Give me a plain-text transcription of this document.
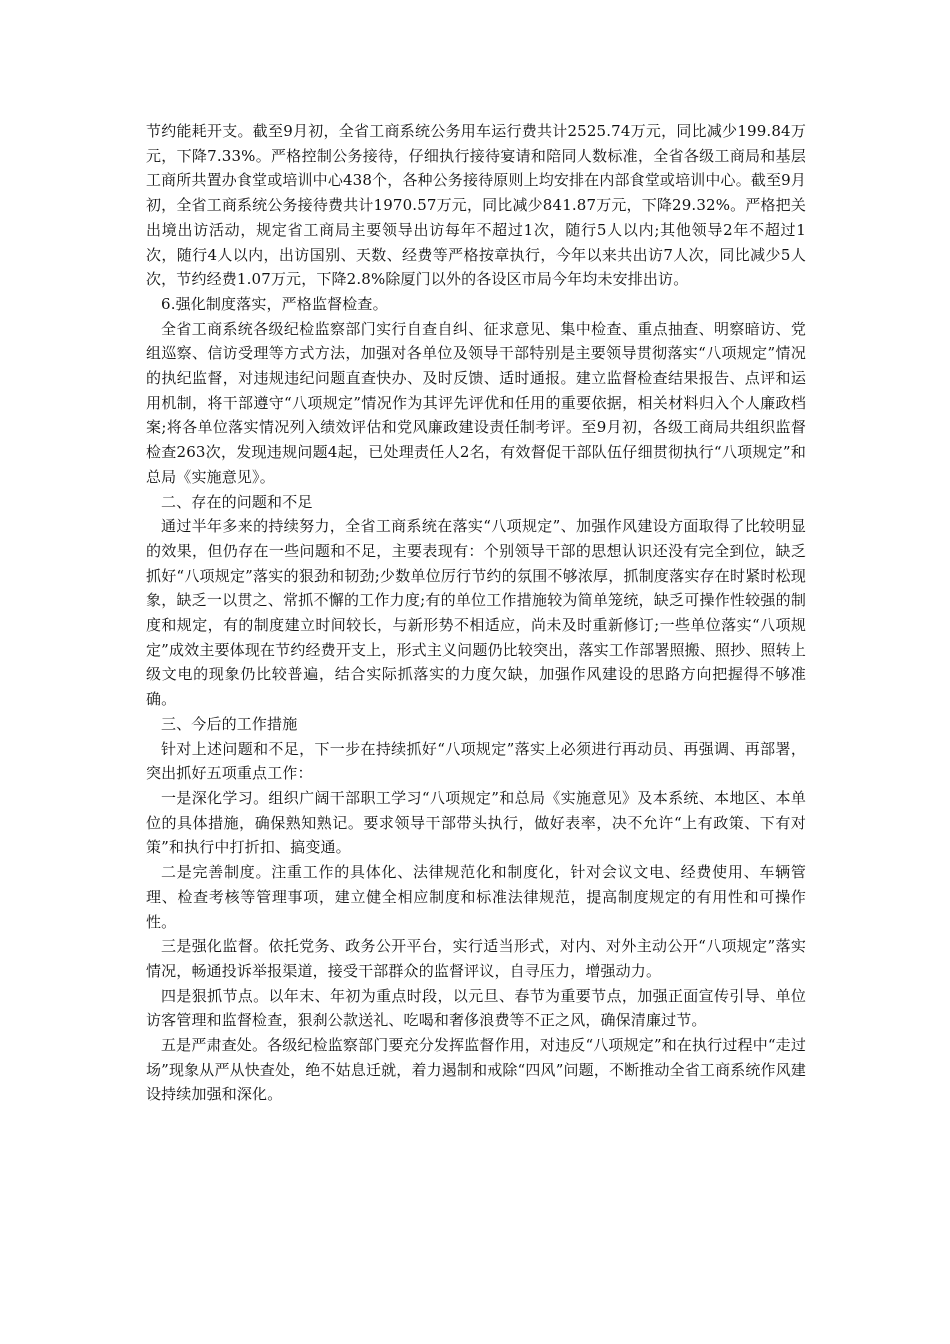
节约能耗开支。截至9月初，全省工商系统公务用车运行费共计2525.74万元，同比减少199.84万元，下降7.33%。严格控制公务接待，仔细执行接待宴请和陪同人数标准，全省各级工商局和基层工商所共置办食堂或培训中心438个，各种公务接待原则上均安排在内部食堂或培训中心。截至9月初，全省工商系统公务接待费共计1970.57万元，同比减少841.87万元，下降29.32%。严格把关出境出访活动，规定省工商局主要领导出访每年不超过1次，随行5人以内;其他领导2年不超过1次，随行4人以内，出访国别、天数、经费等严格按章执行，今年以来共出访7人次，同比减少5人次，节约经费1.07万元，下降2.8%除厦门以外的各设区市局今年均未安排出访。

6.强化制度落实，严格监督检查。

全省工商系统各级纪检监察部门实行自查自纠、征求意见、集中检查、重点抽查、明察暗访、党组巡察、信访受理等方式方法，加强对各单位及领导干部特别是主要领导贯彻落实“八项规定”情况的执纪监督，对违规违纪问题直查快办、及时反馈、适时通报。建立监督检查结果报告、点评和运用机制，将干部遵守“八项规定”情况作为其评先评优和任用的重要依据，相关材料归入个人廉政档案;将各单位落实情况列入绩效评估和党风廉政建设责任制考评。至9月初，各级工商局共组织监督检查263次，发现违规问题4起，已处理责任人2名，有效督促干部队伍仔细贯彻执行“八项规定”和总局《实施意见》。

二、存在的问题和不足

通过半年多来的持续努力，全省工商系统在落实“八项规定”、加强作风建设方面取得了比较明显的效果，但仍存在一些问题和不足，主要表现有：个别领导干部的思想认识还没有完全到位，缺乏抓好“八项规定”落实的狠劲和韧劲;少数单位厉行节约的氛围不够浓厚，抓制度落实存在时紧时松现象，缺乏一以贯之、常抓不懈的工作力度;有的单位工作措施较为简单笼统，缺乏可操作性较强的制度和规定，有的制度建立时间较长，与新形势不相适应，尚未及时重新修订;一些单位落实“八项规定”成效主要体现在节约经费开支上，形式主义问题仍比较突出，落实工作部署照搬、照抄、照转上级文电的现象仍比较普遍，结合实际抓落实的力度欠缺，加强作风建设的思路方向把握得不够准确。

三、今后的工作措施

针对上述问题和不足，下一步在持续抓好“八项规定”落实上必须进行再动员、再强调、再部署，突出抓好五项重点工作：

一是深化学习。组织广阔干部职工学习“八项规定”和总局《实施意见》及本系统、本地区、本单位的具体措施，确保熟知熟记。要求领导干部带头执行，做好表率，决不允许“上有政策、下有对策”和执行中打折扣、搞变通。

二是完善制度。注重工作的具体化、法律规范化和制度化，针对会议文电、经费使用、车辆管理、检查考核等管理事项，建立健全相应制度和标准法律规范，提高制度规定的有用性和可操作性。

三是强化监督。依托党务、政务公开平台，实行适当形式，对内、对外主动公开“八项规定”落实情况，畅通投诉举报渠道，接受干部群众的监督评议，自寻压力，增强动力。

四是狠抓节点。以年末、年初为重点时段，以元旦、春节为重要节点，加强正面宣传引导、单位访客管理和监督检查，狠刹公款送礼、吃喝和奢侈浪费等不正之风，确保清廉过节。

五是严肃查处。各级纪检监察部门要充分发挥监督作用，对违反“八项规定”和在执行过程中“走过场”现象从严从快查处，绝不姑息迁就，着力遏制和戒除“四风”问题，不断推动全省工商系统作风建设持续加强和深化。
